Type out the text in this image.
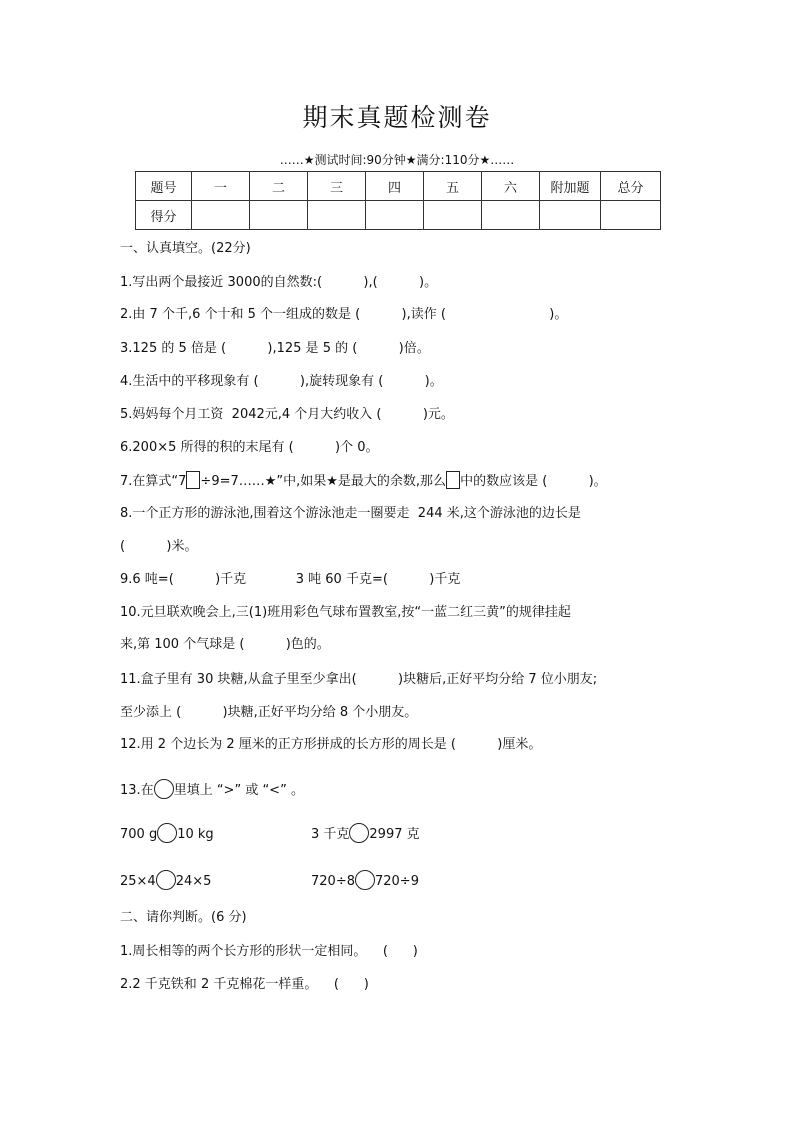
期末真题检测卷
……★测试时间:90分钟★满分:110分★……
题号	一	二	三	四	五	六	附加题	总分
得分								
一、认真填空。(22分)
1.写出两个最接近 3000的自然数:(          ),(          )。
2.由 7 个千,6 个十和 5 个一组成的数是 (          ),读作 (                         )。
3.125 的 5 倍是 (          ),125 是 5 的 (          )倍。
4.生活中的平移现象有 (          ),旋转现象有 (          )。
5.妈妈每个月工资  2042元,4 个月大约收入 (          )元。
6.200×5 所得的积的末尾有 (          )个 0。
7.在算式“7 ÷9=7……★”中,如果★是最大的余数,那么 中的数应该是 (          )。
8.一个正方形的游泳池,围着这个游泳池走一圈要走  244 米,这个游泳池的边长是
(          )米。
9.6 吨=(          )千克            3 吨 60 千克=(          )千克
10.元旦联欢晚会上,三(1)班用彩色气球布置教室,按“一蓝二红三黄”的规律挂起
来,第 100 个气球是 (          )色的。
11.盒子里有 30 块糖,从盒子里至少拿出(          )块糖后,正好平均分给 7 位小朋友;
至少添上 (          )块糖,正好平均分给 8 个小朋友。
12.用 2 个边长为 2 厘米的正方形拼成的长方形的周长是 (          )厘米。
13.在 里填上 “>” 或 “<” 。
700 g 10 kg	3 千克 2997 克
25×4 24×5	720÷8 720÷9
二、请你判断。(6 分)
1.周长相等的两个长方形的形状一定相同。    (      )
2.2 千克铁和 2 千克棉花一样重。    (      )
